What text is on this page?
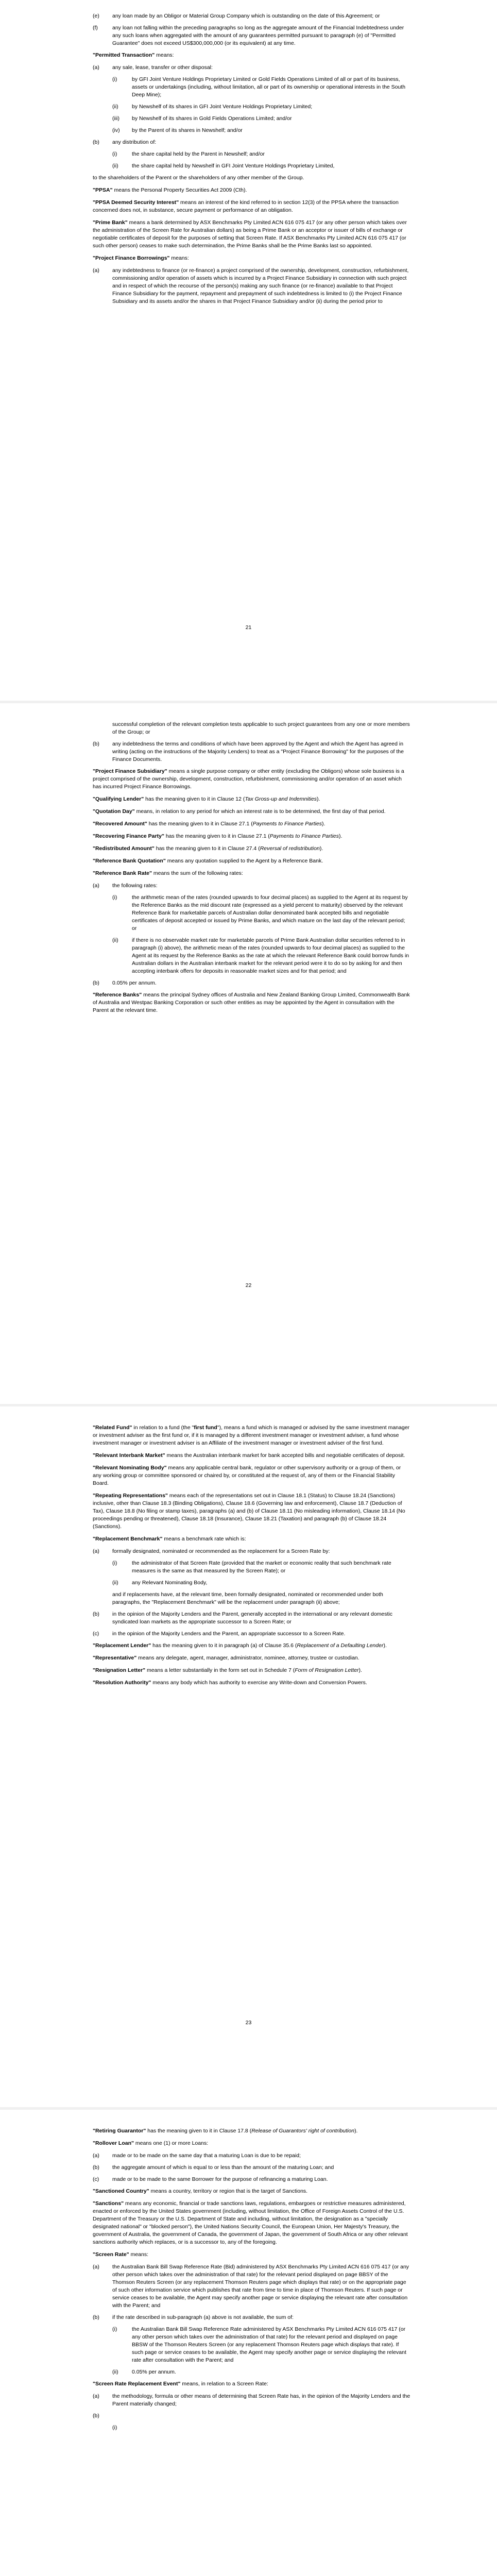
(e) any loan made by an Obligor or Material Group Company which is outstanding on the date of this Agreement; or
(f)	any loan not falling within the preceding paragraphs so long as the aggregate amount of the Financial Indebtedness under any such loans when aggregated with the amount of any guarantees permitted pursuant to paragraph (e) of "Permitted Guarantee" does not exceed US$300,000,000 (or its equivalent) at any time.

"Permitted Transaction" means:

(a) any sale, lease, transfer or other disposal:
(i)	by GFI Joint Venture Holdings Proprietary Limited or Gold Fields Operations Limited of all or part of its business, assets or undertakings (including, without limitation, all or part of its ownership or operational interests in the South Deep Mine);
(ii)	by Newshelf of its shares in GFI Joint Venture Holdings Proprietary Limited;
(iii) by Newshelf of its shares in Gold Fields Operations Limited; and/or
(iv) by the Parent of its shares in Newshelf; and/or
(b) any distribution of:
(i)	the share capital held by the Parent in Newshelf; and/or
(ii)	the share capital held by Newshelf in GFI Joint Venture Holdings Proprietary Limited,

to the shareholders of the Parent or the shareholders of any other member of the Group.

"PPSA" means the Personal Property Securities Act 2009 (Cth).

"PPSA Deemed Security Interest" means an interest of the kind referred to in section 12(3) of the PPSA where the transaction concerned does not, in substance, secure payment or performance of an obligation.

"Prime Bank" means a bank determined by ASX Benchmarks Pty Limited ACN 616 075 417 (or any other person which takes over the administration of the Screen Rate for Australian dollars) as being a Prime Bank or an acceptor or issuer of bills of exchange or negotiable certificates of deposit for the purposes of setting that Screen Rate. If ASX Benchmarks Pty Limited ACN 616 075 417 (or such other person) ceases to make such determination, the Prime Banks shall be the Prime Banks last so appointed.

"Project Finance Borrowings" means:

(a) any indebtedness to finance (or re-finance) a project comprised of the ownership, development, construction, refurbishment, commissioning and/or operation of assets which is incurred by a Project Finance Subsidiary in connection with such project and in respect of which the recourse of the person(s) making any such finance (or re-finance) available to that Project Finance Subsidiary for the payment, repayment and prepayment of such indebtedness is limited to (i) the Project Finance Subsidiary and its assets and/or the shares in that Project Finance Subsidiary and/or (ii) during the period prior to
21
successful completion of the relevant completion tests applicable to such project guarantees from any one or more members of the Group; or
(b) any indebtedness the terms and conditions of which have been approved by the Agent and which the Agent has agreed in writing (acting on the instructions of the Majority Lenders) to treat as a "Project Finance Borrowing" for the purposes of the Finance Documents.

"Project Finance Subsidiary" means a single purpose company or other entity (excluding the Obligors) whose sole business is a project comprised of the ownership, development, construction, refurbishment, commissioning and/or operation of an asset which has incurred Project Finance Borrowings.

"Qualifying Lender" has the meaning given to it in Clause 12 (Tax Gross-up and Indemnities).

"Quotation Day" means, in relation to any period for which an interest rate is to be determined, the first day of that period.

"Recovered Amount" has the meaning given to it in Clause 27.1 (Payments to Finance Parties).

"Recovering Finance Party" has the meaning given to it in Clause 27.1 (Payments to Finance Parties).

"Redistributed Amount" has the meaning given to it in Clause 27.4 (Reversal of redistribution).

"Reference Bank Quotation" means any quotation supplied to the Agent by a Reference Bank.

"Reference Bank Rate" means the sum of the following rates:

(a) the following rates:
(i)	the arithmetic mean of the rates (rounded upwards to four decimal places) as supplied to the Agent at its request by the Reference Banks as the mid discount rate (expressed as a yield percent to maturity) observed by the relevant Reference Bank for marketable parcels of Australian dollar denominated bank accepted bills and negotiable certificates of deposit accepted or issued by Prime Banks, and which mature on the last day of the relevant period; or
(ii)	if there is no observable market rate for marketable parcels of Prime Bank Australian dollar securities referred to in paragraph (i) above), the arithmetic mean of the rates (rounded upwards to four decimal places) as supplied to the Agent at its request by the Reference Banks as the rate at which the relevant Reference Bank could borrow funds in Australian dollars in the Australian interbank market for the relevant period were it to do so by asking for and then accepting interbank offers for deposits in reasonable market sizes and for that period; and
(b) 0.05% per annum.

"Reference Banks" means the principal Sydney offices of Australia and New Zealand Banking Group Limited, Commonwealth Bank of Australia and Westpac Banking Corporation or such other entities as may be appointed by the Agent in consultation with the Parent at the relevant time.

22

"Related Fund" in relation to a fund (the "first fund"), means a fund which is managed or advised by the same investment manager or investment adviser as the first fund or, if it is managed by a different investment manager or investment adviser, a fund whose investment manager or investment adviser is an Affiliate of the investment manager or investment adviser of the first fund.

"Relevant Interbank Market" means the Australian interbank market for bank accepted bills and negotiable certificates of deposit.

"Relevant Nominating Body" means any applicable central bank, regulator or other supervisory authority or a group of them, or any working group or committee sponsored or chaired by, or constituted at the request of, any of them or the Financial Stability Board.

"Repeating Representations" means each of the representations set out in Clause 18.1 (Status) to Clause 18.24 (Sanctions) inclusive, other than Clause 18.3 (Binding Obligations), Clause 18.6 (Governing law and enforcement), Clause 18.7 (Deduction of Tax), Clause 18.8 (No filing or stamp taxes), paragraphs (a) and (b) of Clause 18.11 (No misleading information), Clause 18.14 (No proceedings pending or threatened), Clause 18.18 (Insurance), Clause 18.21 (Taxation) and paragraph (b) of Clause 18.24 (Sanctions).

"Replacement Benchmark" means a benchmark rate which is:

(a) formally designated, nominated or recommended as the replacement for a Screen Rate by:
(i)	the administrator of that Screen Rate (provided that the market or economic reality that such benchmark rate measures is the same as that measured by the Screen Rate); or
(ii)	any Relevant Nominating Body,
and if replacements have, at the relevant time, been formally designated, nominated or recommended under both paragraphs, the "Replacement Benchmark" will be the replacement under paragraph (ii) above;
(b) in the opinion of the Majority Lenders and the Parent, generally accepted in the international or any relevant domestic syndicated loan markets as the appropriate successor to a Screen Rate; or
(c) in the opinion of the Majority Lenders and the Parent, an appropriate successor to a Screen Rate.

"Replacement Lender" has the meaning given to it in paragraph (a) of Clause 35.6 (Replacement of a Defaulting Lender).

"Representative" means any delegate, agent, manager, administrator, nominee, attorney, trustee or custodian.

"Resignation Letter" means a letter substantially in the form set out in Schedule 7 (Form of Resignation Letter).

"Resolution Authority" means any body which has authority to exercise any Write-down and Conversion Powers.

23

"Retiring Guarantor" has the meaning given to it in Clause 17.8 (Release of Guarantors' right of contribution).

"Rollover Loan" means one (1) or more Loans:

(a) made or to be made on the same day that a maturing Loan is due to be repaid;
(b) the aggregate amount of which is equal to or less than the amount of the maturing Loan; and
(c) made or to be made to the same Borrower for the purpose of refinancing a maturing Loan.

"Sanctioned Country" means a country, territory or region that is the target of Sanctions.

"Sanctions" means any economic, financial or trade sanctions laws, regulations, embargoes or restrictive measures administered, enacted or enforced by the United States government (including, without limitation, the Office of Foreign Assets Control of the U.S. Department of the Treasury or the U.S. Department of State and including, without limitation, the designation as a "specially designated national" or "blocked person"), the United Nations Security Council, the European Union, Her Majesty's Treasury, the government of Australia, the government of Canada, the government of Japan, the government of South Africa or any other relevant sanctions authority which replaces, or is a successor to, any of the foregoing.

"Screen Rate" means:

(a) the Australian Bank Bill Swap Reference Rate (Bid) administered by ASX Benchmarks Pty Limited ACN 616 075 417 (or any other person which takes over the administration of that rate) for the relevant period displayed on page BBSY of the Thomson Reuters Screen (or any replacement Thomson Reuters page which displays that rate) or on the appropriate page of such other information service which publishes that rate from time to time in place of Thomson Reuters. If such page or service ceases to be available, the Agent may specify another page or service displaying the relevant rate after consultation with the Parent; and
(b) if the rate described in sub-paragraph (a) above is not available, the sum of:
(i)	the Australian Bank Bill Swap Reference Rate administered by ASX Benchmarks Pty Limited ACN 616 075 417 (or any other person which takes over the administration of that rate) for the relevant period and displayed on page BBSW of the Thomson Reuters Screen (or any replacement Thomson Reuters page which displays that rate). If such page or service ceases to be available, the Agent may specify another page or service displaying the relevant rate after consultation with the Parent; and
(ii)	0.05% per annum.

"Screen Rate Replacement Event" means, in relation to a Screen Rate:

(a) the methodology, formula or other means of determining that Screen Rate has, in the opinion of the Majority Lenders and the Parent materially changed;
(b)
(i)
